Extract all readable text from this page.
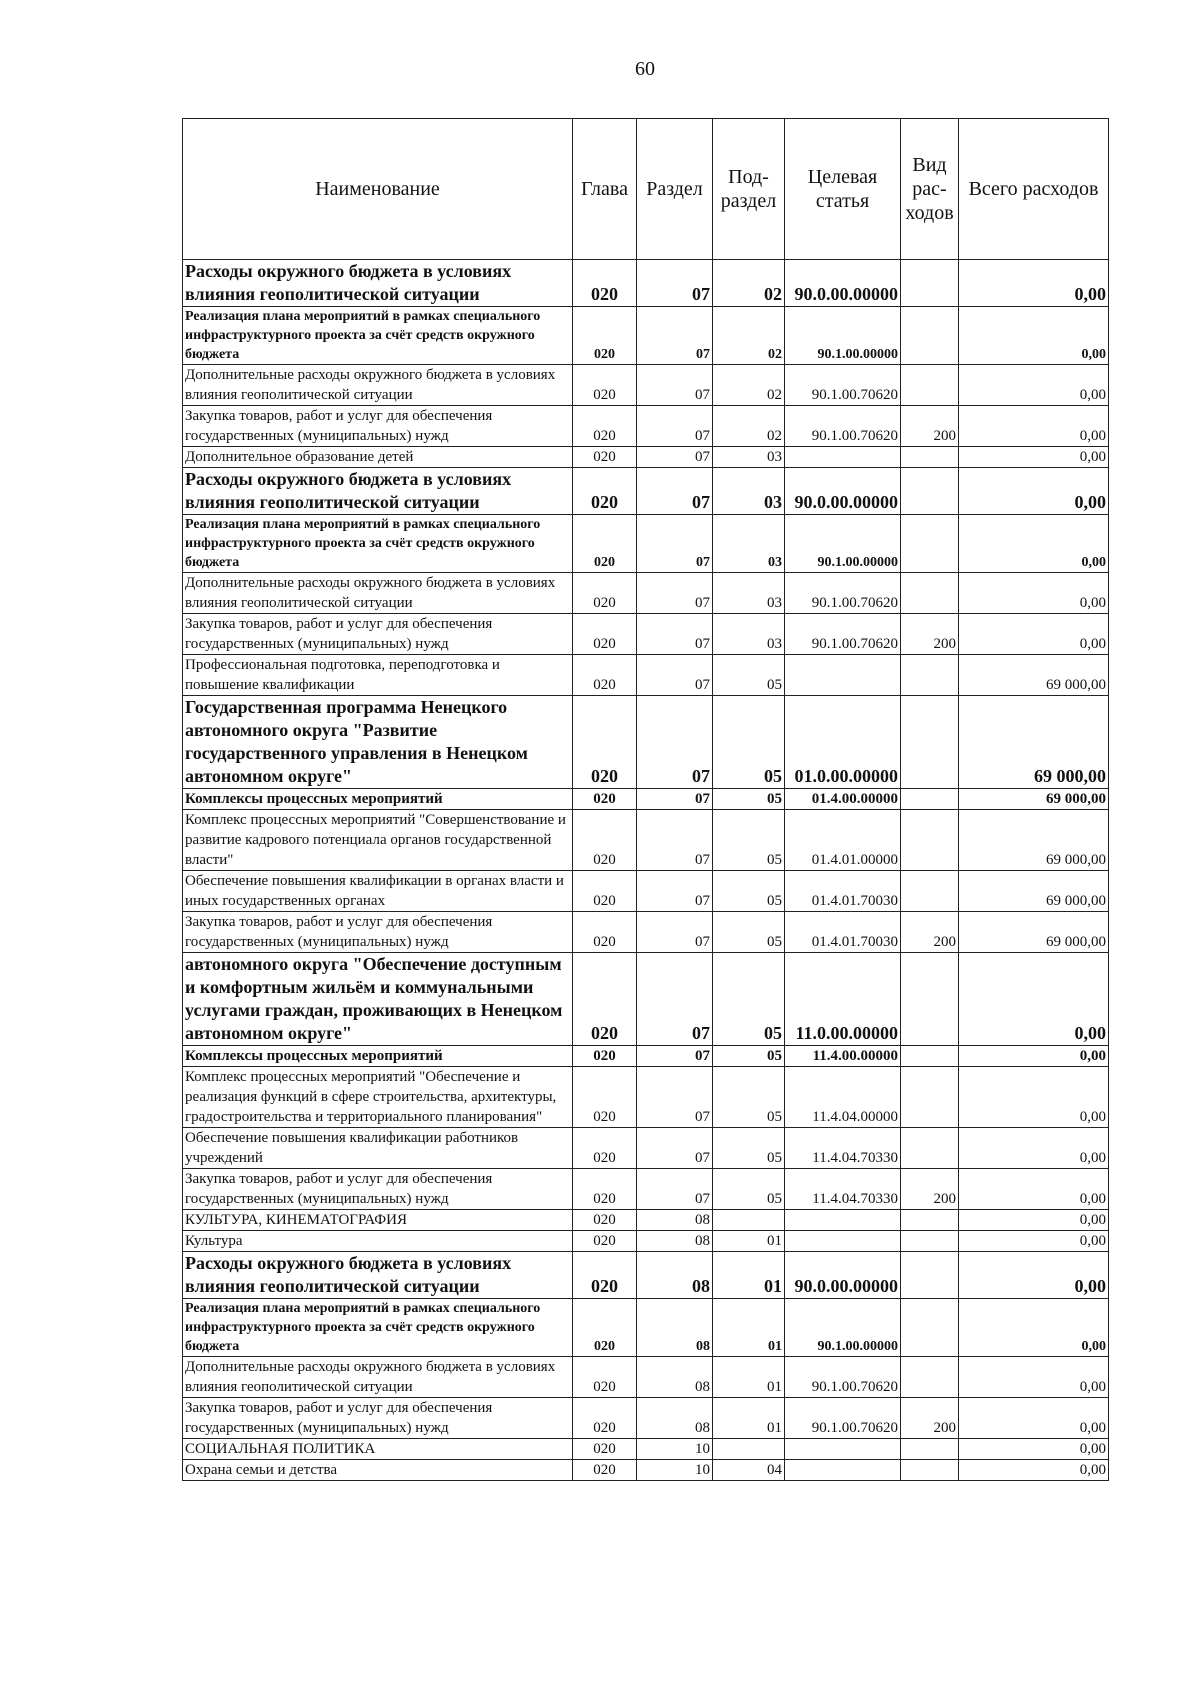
60
Наименование	Глава	Раздел	Под- раздел	Целевая статья	Вид рас- ходов	Всего расходов
Расходы окружного бюджета в условиях влияния геополитической ситуации	020	07	02	90.0.00.00000		0,00
Реализация плана мероприятий в рамках специального инфраструктурного проекта за счёт средств окружного бюджета	020	07	02	90.1.00.00000		0,00
Дополнительные расходы окружного бюджета в условиях влияния геополитической ситуации	020	07	02	90.1.00.70620		0,00
Закупка товаров, работ и услуг для обеспечения государственных (муниципальных) нужд	020	07	02	90.1.00.70620	200	0,00
Дополнительное образование детей	020	07	03			0,00
Расходы окружного бюджета в условиях влияния геополитической ситуации	020	07	03	90.0.00.00000		0,00
Реализация плана мероприятий в рамках специального инфраструктурного проекта за счёт средств окружного бюджета	020	07	03	90.1.00.00000		0,00
Дополнительные расходы окружного бюджета в условиях влияния геополитической ситуации	020	07	03	90.1.00.70620		0,00
Закупка товаров, работ и услуг для обеспечения государственных (муниципальных) нужд	020	07	03	90.1.00.70620	200	0,00
Профессиональная подготовка, переподготовка и повышение квалификации	020	07	05			69 000,00
Государственная программа Ненецкого автономного округа "Развитие государственного управления в Ненецком автономном округе"	020	07	05	01.0.00.00000		69 000,00
Комплексы процессных мероприятий	020	07	05	01.4.00.00000		69 000,00
Комплекс процессных мероприятий "Совершенствование и развитие кадрового потенциала органов государственной власти"	020	07	05	01.4.01.00000		69 000,00
Обеспечение повышения квалификации в органах власти и иных государственных органах	020	07	05	01.4.01.70030		69 000,00
Закупка товаров, работ и услуг для обеспечения государственных (муниципальных) нужд	020	07	05	01.4.01.70030	200	69 000,00
автономного округа "Обеспечение доступным и комфортным жильём и коммунальными услугами граждан, проживающих в Ненецком автономном округе"	020	07	05	11.0.00.00000		0,00
Комплексы процессных мероприятий	020	07	05	11.4.00.00000		0,00
Комплекс процессных мероприятий "Обеспечение и реализация функций в сфере строительства, архитектуры, градостроительства и территориального планирования"	020	07	05	11.4.04.00000		0,00
Обеспечение повышения квалификации работников учреждений	020	07	05	11.4.04.70330		0,00
Закупка товаров, работ и услуг для обеспечения государственных (муниципальных) нужд	020	07	05	11.4.04.70330	200	0,00
КУЛЬТУРА, КИНЕМАТОГРАФИЯ	020	08				0,00
Культура	020	08	01			0,00
Расходы окружного бюджета в условиях влияния геополитической ситуации	020	08	01	90.0.00.00000		0,00
Реализация плана мероприятий в рамках специального инфраструктурного проекта за счёт средств окружного бюджета	020	08	01	90.1.00.00000		0,00
Дополнительные расходы окружного бюджета в условиях влияния геополитической ситуации	020	08	01	90.1.00.70620		0,00
Закупка товаров, работ и услуг для обеспечения государственных (муниципальных) нужд	020	08	01	90.1.00.70620	200	0,00
СОЦИАЛЬНАЯ ПОЛИТИКА	020	10				0,00
Охрана семьи и детства	020	10	04			0,00
